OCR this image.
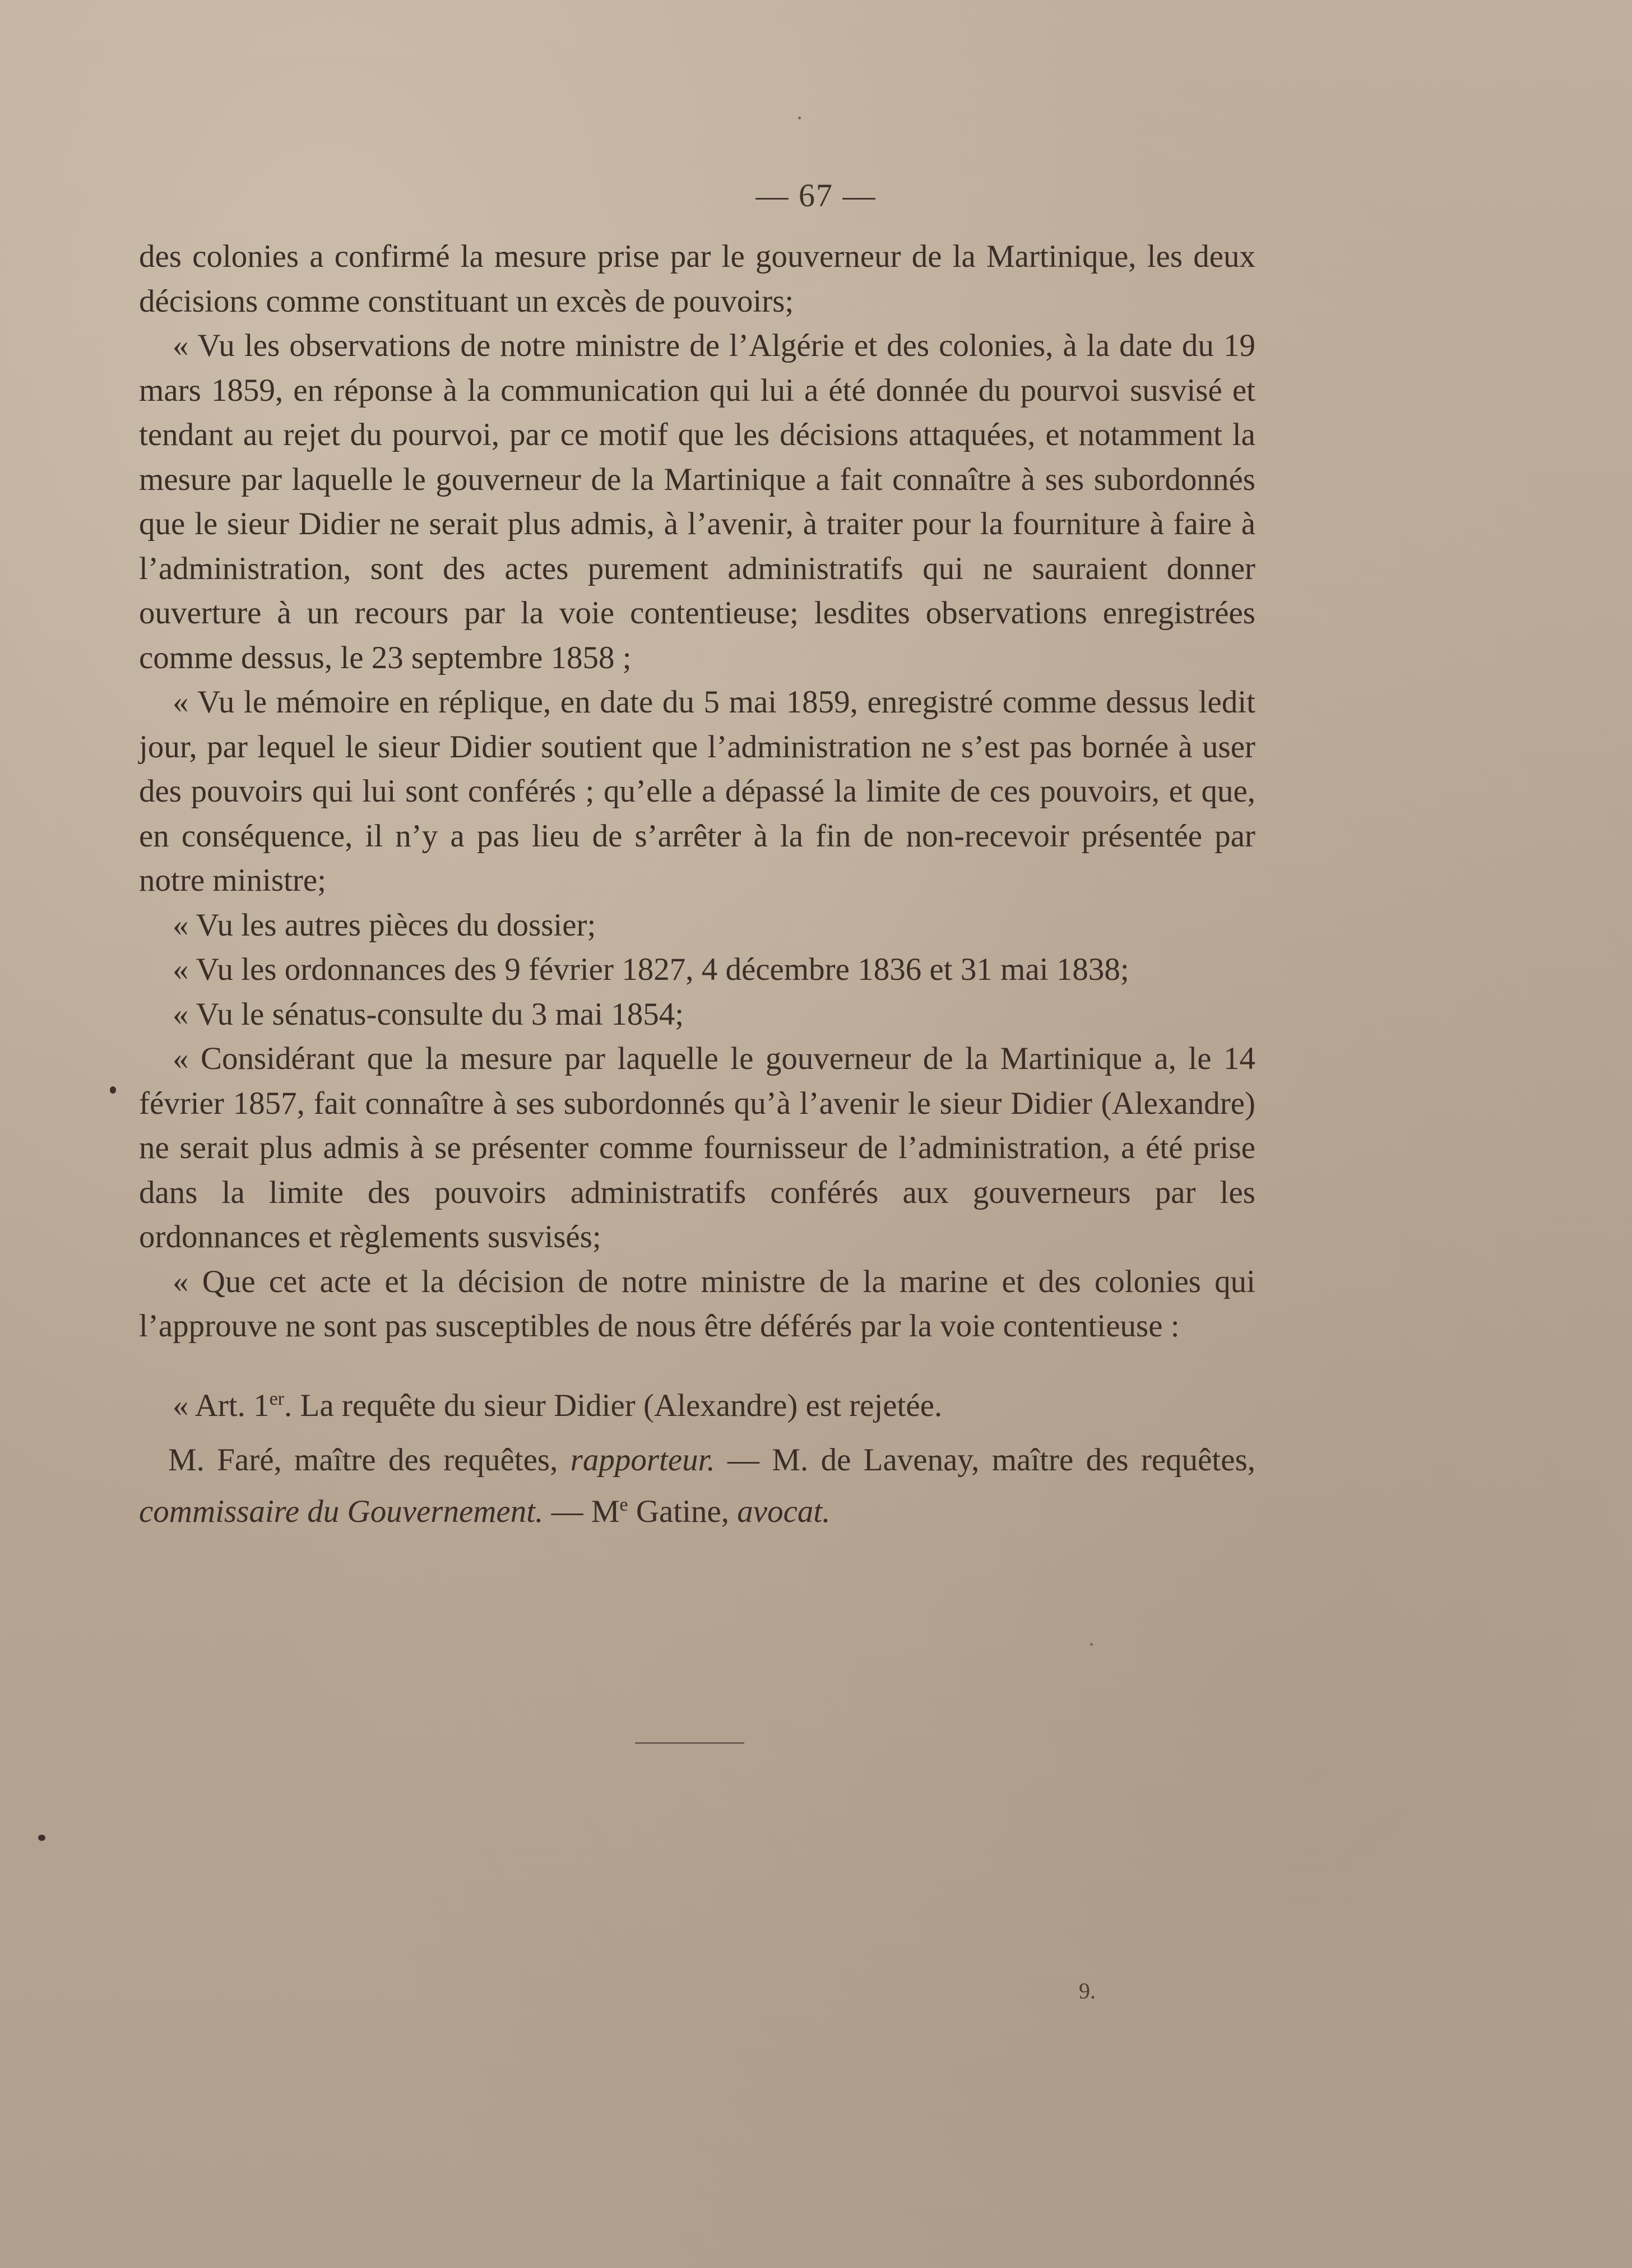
— 67 —

des colonies a confirmé la mesure prise par le gouverneur de la Martinique, les deux décisions comme constituant un excès de pouvoirs;

« Vu les observations de notre ministre de l’Algérie et des colonies, à la date du 19 mars 1859, en réponse à la communication qui lui a été donnée du pourvoi susvisé et tendant au rejet du pourvoi, par ce motif que les décisions attaquées, et notamment la mesure par laquelle le gouverneur de la Martinique a fait connaître à ses subordonnés que le sieur Didier ne serait plus admis, à l’avenir, à traiter pour la fourniture à faire à l’administration, sont des actes purement administratifs qui ne sauraient donner ouverture à un recours par la voie contentieuse; lesdites observations enregistrées comme dessus, le 23 septembre 1858 ;

« Vu le mémoire en réplique, en date du 5 mai 1859, enregistré comme dessus ledit jour, par lequel le sieur Didier soutient que l’administration ne s’est pas bornée à user des pouvoirs qui lui sont conférés ; qu’elle a dépassé la limite de ces pouvoirs, et que, en conséquence, il n’y a pas lieu de s’arrêter à la fin de non-recevoir présentée par notre ministre;

« Vu les autres pièces du dossier;

« Vu les ordonnances des 9 février 1827, 4 décembre 1836 et 31 mai 1838;

« Vu le sénatus-consulte du 3 mai 1854;

« Considérant que la mesure par laquelle le gouverneur de la Martinique a, le 14 février 1857, fait connaître à ses subordonnés qu’à l’avenir le sieur Didier (Alexandre) ne serait plus admis à se présenter comme fournisseur de l’administration, a été prise dans la limite des pouvoirs administratifs conférés aux gouverneurs par les ordonnances et règlements susvisés;

« Que cet acte et la décision de notre ministre de la marine et des colonies qui l’approuve ne sont pas susceptibles de nous être déférés par la voie contentieuse :

« Art. 1er. La requête du sieur Didier (Alexandre) est rejetée.

M. Faré, maître des requêtes, rapporteur. — M. de Lavenay, maître des requêtes, commissaire du Gouvernement. — Me Gatine, avocat.

9.
